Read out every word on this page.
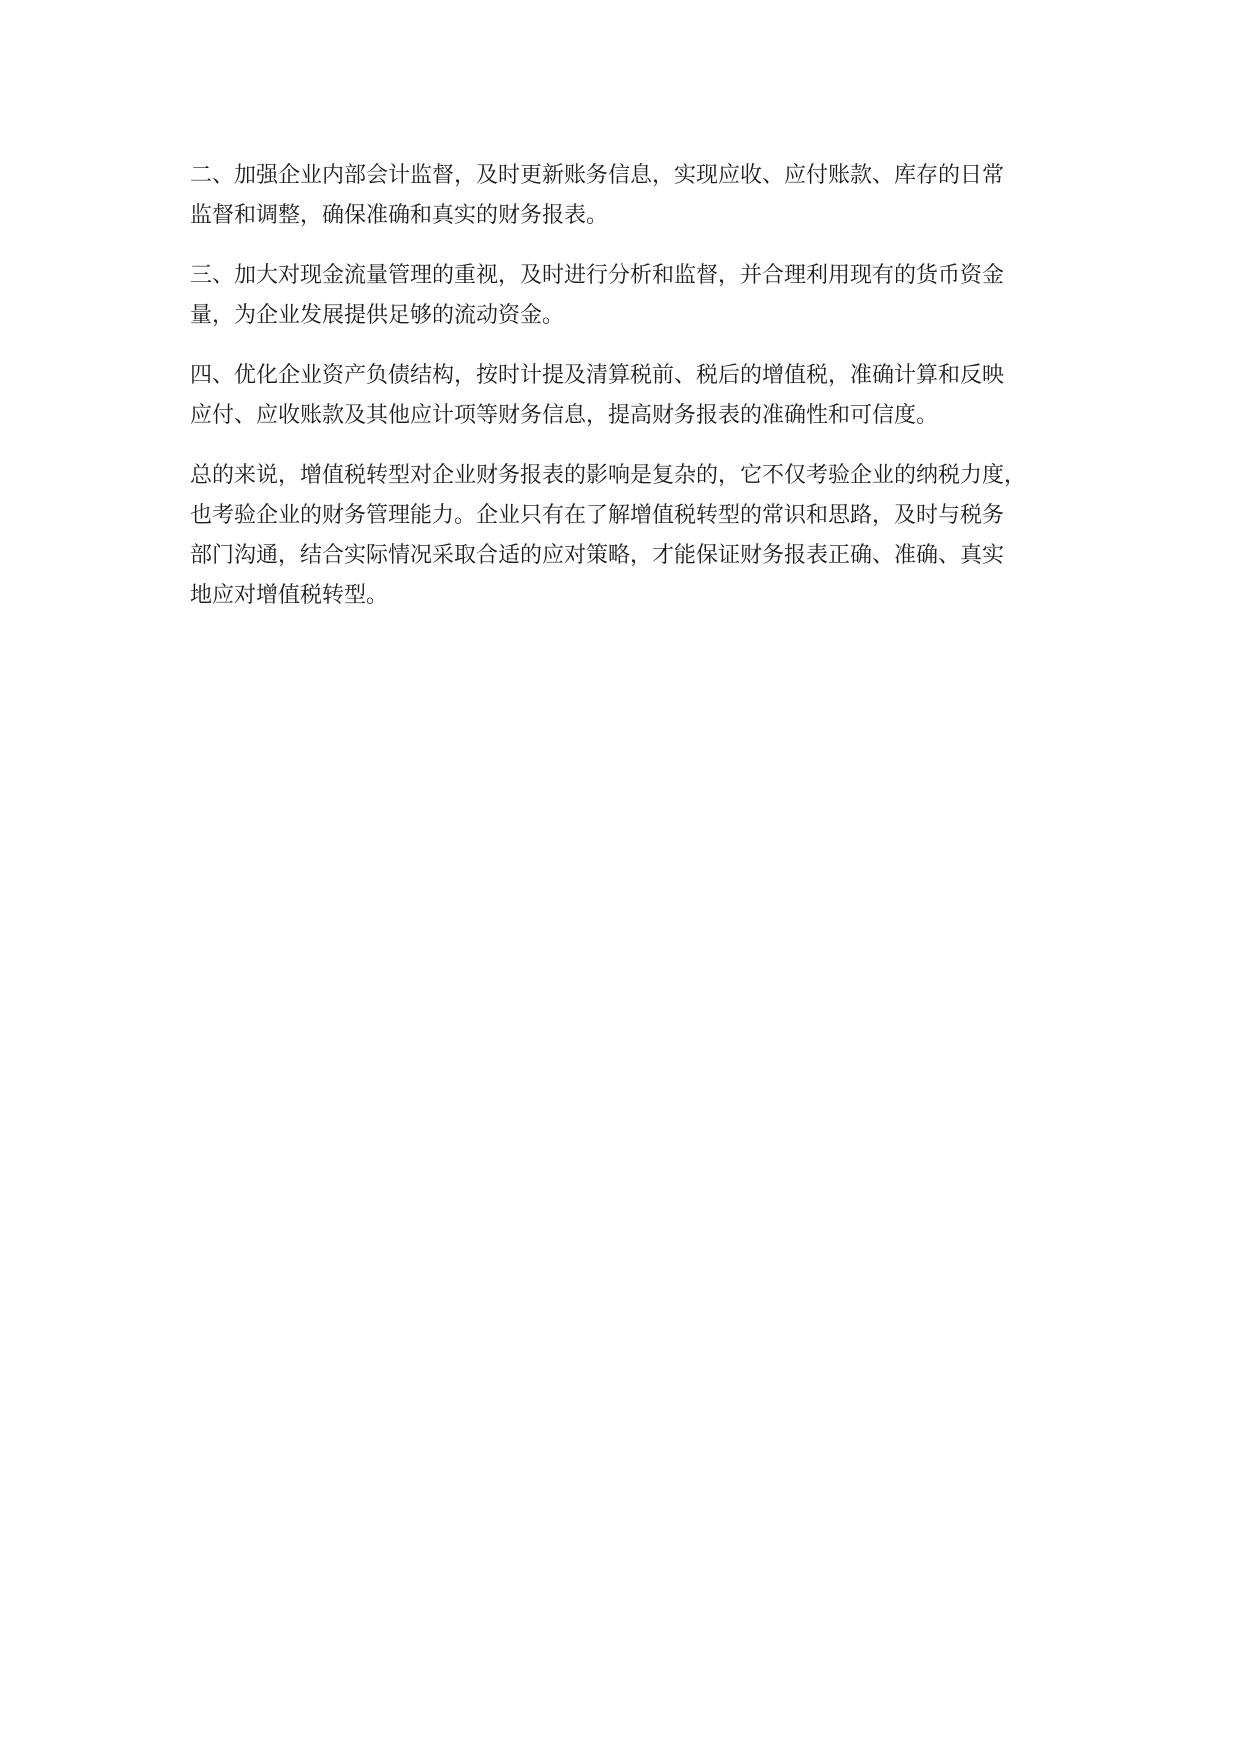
二、加强企业内部会计监督，及时更新账务信息，实现应收、应付账款、库存的日常
监督和调整，确保准确和真实的财务报表。

三、加大对现金流量管理的重视，及时进行分析和监督，并合理利用现有的货币资金
量，为企业发展提供足够的流动资金。

四、优化企业资产负债结构，按时计提及清算税前、税后的增值税，准确计算和反映
应付、应收账款及其他应计项等财务信息，提高财务报表的准确性和可信度。

总的来说，增值税转型对企业财务报表的影响是复杂的，它不仅考验企业的纳税力度，
也考验企业的财务管理能力。企业只有在了解增值税转型的常识和思路，及时与税务
部门沟通，结合实际情况采取合适的应对策略，才能保证财务报表正确、准确、真实
地应对增值税转型。
